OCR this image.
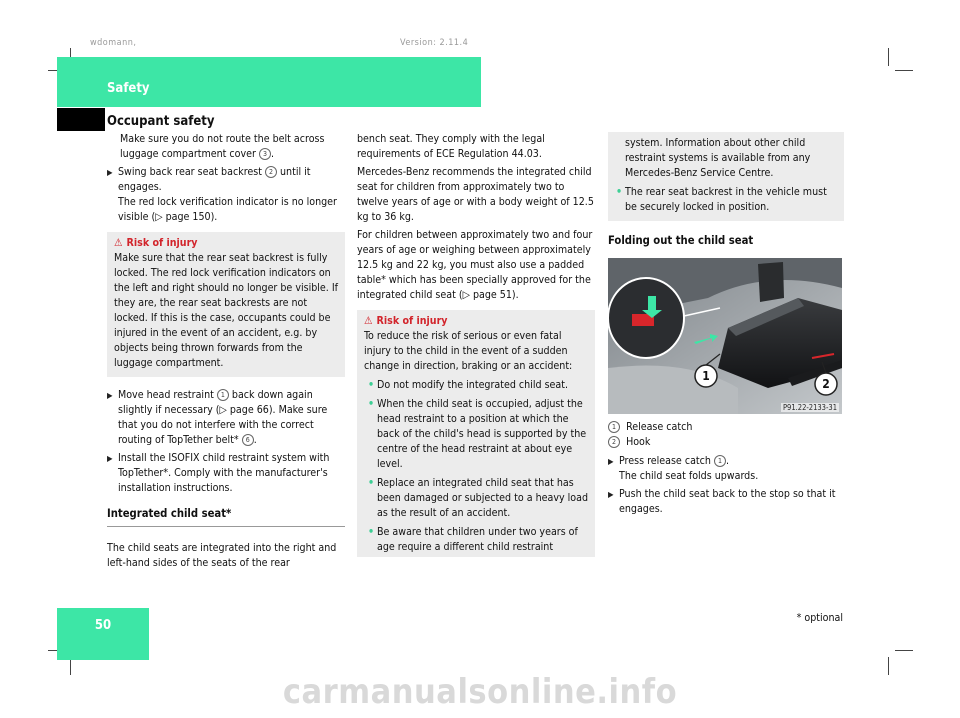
wdomann,	Version: 2.11.4
Safety
Occupant safety

Make sure you do not route the belt across luggage compartment cover 3 .

▶ Swing back rear seat backrest 2 until it engages.
The red lock verification indicator is no longer visible (▷ page 150).

⚠ Risk of injury
Make sure that the rear seat backrest is fully locked. The red lock verification indicators on the left and right should no longer be visible. If they are, the rear seat backrests are not locked. If this is the case, occupants could be injured in the event of an accident, e.g. by objects being thrown forwards from the luggage compartment.

▶ Move head restraint 1 back down again slightly if necessary (▷ page 66). Make sure that you do not interfere with the correct routing of TopTether belt* 6 .

▶ Install the ISOFIX child restraint system with TopTether*. Comply with the manufacturer's installation instructions.

Integrated child seat*

The child seats are integrated into the right and left-hand sides of the seats of the rear

bench seat. They comply with the legal requirements of ECE Regulation 44.03.

Mercedes-Benz recommends the integrated child seat for children from approximately two to twelve years of age or with a body weight of 12.5 kg to 36 kg.

For children between approximately two and four years of age or weighing between approximately 12.5 kg and 22 kg, you must also use a padded table* which has been specially approved for the integrated child seat (▷ page 51).

⚠ Risk of injury
To reduce the risk of serious or even fatal injury to the child in the event of a sudden change in direction, braking or an accident:

• Do not modify the integrated child seat.

• When the child seat is occupied, adjust the head restraint to a position at which the back of the child's head is supported by the centre of the head restraint at about eye level.

• Replace an integrated child seat that has been damaged or subjected to a heavy load as the result of an accident.

• Be aware that children under two years of age require a different child restraint

system. Information about other child restraint systems is available from any Mercedes-Benz Service Centre.

• The rear seat backrest in the vehicle must be securely locked in position.

Folding out the child seat

1
2
P91.22-2133-31

1 Release catch

2 Hook

▶ Press release catch 1 .
The child seat folds upwards.

▶ Push the child seat back to the stop so that it engages.

50	* optional
carmanualsonline.info
